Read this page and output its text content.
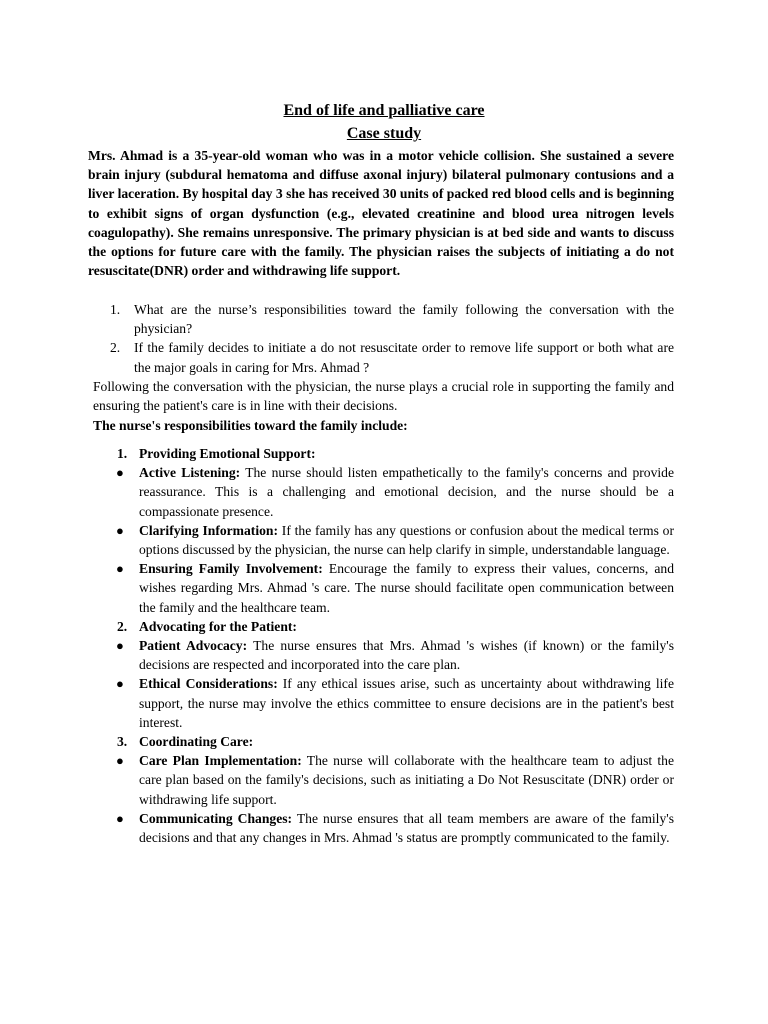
End of life and palliative care
Case study

Mrs. Ahmad is a 35-year-old woman who was in a motor vehicle collision. She sustained a severe brain injury (subdural hematoma and diffuse axonal injury) bilateral pulmonary contusions and a liver laceration. By hospital day 3 she has received 30 units of packed red blood cells and is beginning to exhibit signs of organ dysfunction (e.g., elevated creatinine and blood urea nitrogen levels coagulopathy). She remains unresponsive. The primary physician is at bed side and wants to discuss the options for future care with the family. The physician raises the subjects of initiating a do not resuscitate(DNR) order and withdrawing life support.

1. What are the nurse’s responsibilities toward the family following the conversation with the physician?
2. If the family decides to initiate a do not resuscitate order to remove life support or both what are the major goals in caring for Mrs. Ahmad ?

Following the conversation with the physician, the nurse plays a crucial role in supporting the family and ensuring the patient's care is in line with their decisions.

The nurse's responsibilities toward the family include:

1. Providing Emotional Support:
● Active Listening: The nurse should listen empathetically to the family's concerns and provide reassurance. This is a challenging and emotional decision, and the nurse should be a compassionate presence.
● Clarifying Information: If the family has any questions or confusion about the medical terms or options discussed by the physician, the nurse can help clarify in simple, understandable language.
● Ensuring Family Involvement: Encourage the family to express their values, concerns, and wishes regarding Mrs. Ahmad 's care. The nurse should facilitate open communication between the family and the healthcare team.
2. Advocating for the Patient:
● Patient Advocacy: The nurse ensures that Mrs. Ahmad 's wishes (if known) or the family's decisions are respected and incorporated into the care plan.
● Ethical Considerations: If any ethical issues arise, such as uncertainty about withdrawing life support, the nurse may involve the ethics committee to ensure decisions are in the patient's best interest.
3. Coordinating Care:
● Care Plan Implementation: The nurse will collaborate with the healthcare team to adjust the care plan based on the family's decisions, such as initiating a Do Not Resuscitate (DNR) order or withdrawing life support.
● Communicating Changes: The nurse ensures that all team members are aware of the family's decisions and that any changes in Mrs. Ahmad 's status are promptly communicated to the family.
